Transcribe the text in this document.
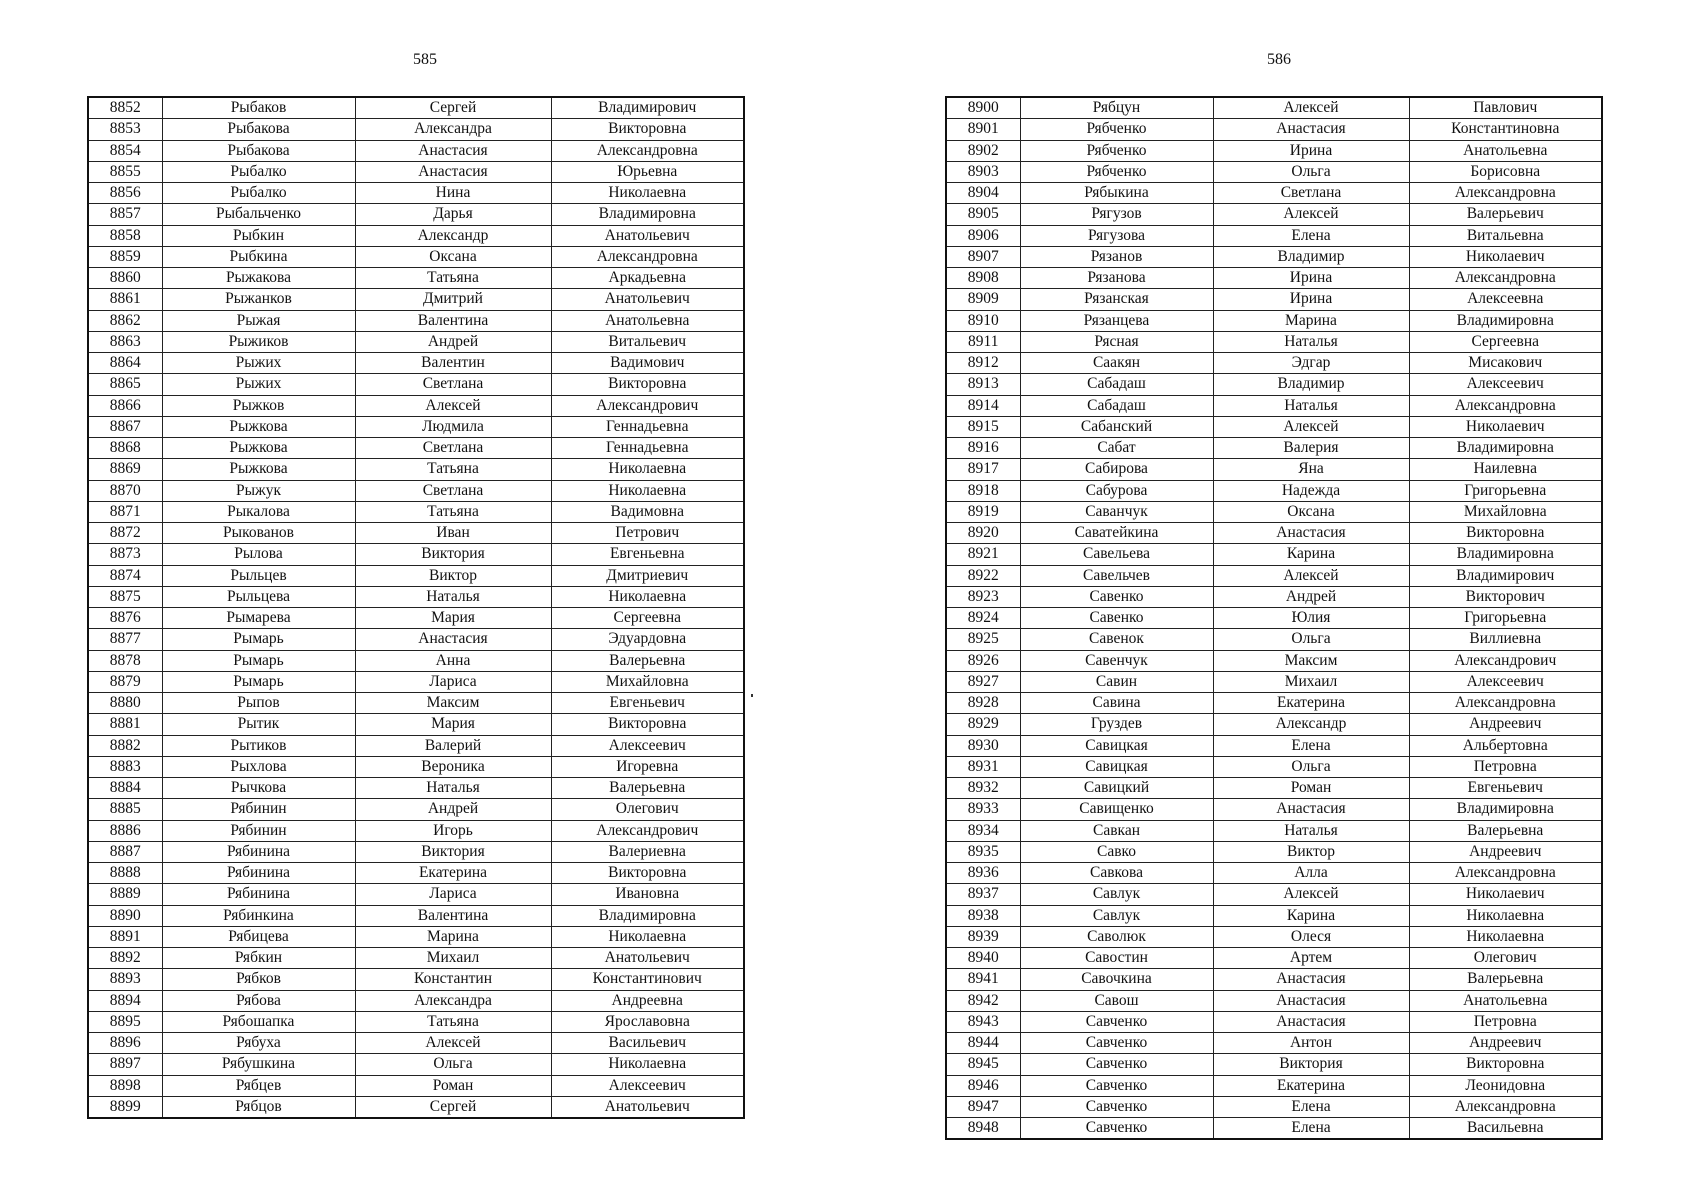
585
8852	Рыбаков	Сергей	Владимирович
8853	Рыбакова	Александра	Викторовна
8854	Рыбакова	Анастасия	Александровна
8855	Рыбалко	Анастасия	Юрьевна
8856	Рыбалко	Нина	Николаевна
8857	Рыбальченко	Дарья	Владимировна
8858	Рыбкин	Александр	Анатольевич
8859	Рыбкина	Оксана	Александровна
8860	Рыжакова	Татьяна	Аркадьевна
8861	Рыжанков	Дмитрий	Анатольевич
8862	Рыжая	Валентина	Анатольевна
8863	Рыжиков	Андрей	Витальевич
8864	Рыжих	Валентин	Вадимович
8865	Рыжих	Светлана	Викторовна
8866	Рыжков	Алексей	Александрович
8867	Рыжкова	Людмила	Геннадьевна
8868	Рыжкова	Светлана	Геннадьевна
8869	Рыжкова	Татьяна	Николаевна
8870	Рыжук	Светлана	Николаевна
8871	Рыкалова	Татьяна	Вадимовна
8872	Рыкованов	Иван	Петрович
8873	Рылова	Виктория	Евгеньевна
8874	Рыльцев	Виктор	Дмитриевич
8875	Рыльцева	Наталья	Николаевна
8876	Рымарева	Мария	Сергеевна
8877	Рымарь	Анастасия	Эдуардовна
8878	Рымарь	Анна	Валерьевна
8879	Рымарь	Лариса	Михайловна
8880	Рыпов	Максим	Евгеньевич
8881	Рытик	Мария	Викторовна
8882	Рытиков	Валерий	Алексеевич
8883	Рыхлова	Вероника	Игоревна
8884	Рычкова	Наталья	Валерьевна
8885	Рябинин	Андрей	Олегович
8886	Рябинин	Игорь	Александрович
8887	Рябинина	Виктория	Валериевна
8888	Рябинина	Екатерина	Викторовна
8889	Рябинина	Лариса	Ивановна
8890	Рябинкина	Валентина	Владимировна
8891	Рябицева	Марина	Николаевна
8892	Рябкин	Михаил	Анатольевич
8893	Рябков	Константин	Константинович
8894	Рябова	Александра	Андреевна
8895	Рябошапка	Татьяна	Ярославовна
8896	Рябуха	Алексей	Васильевич
8897	Рябушкина	Ольга	Николаевна
8898	Рябцев	Роман	Алексеевич
8899	Рябцов	Сергей	Анатольевич
586
8900	Рябцун	Алексей	Павлович
8901	Рябченко	Анастасия	Константиновна
8902	Рябченко	Ирина	Анатольевна
8903	Рябченко	Ольга	Борисовна
8904	Рябыкина	Светлана	Александровна
8905	Рягузов	Алексей	Валерьевич
8906	Рягузова	Елена	Витальевна
8907	Рязанов	Владимир	Николаевич
8908	Рязанова	Ирина	Александровна
8909	Рязанская	Ирина	Алексеевна
8910	Рязанцева	Марина	Владимировна
8911	Рясная	Наталья	Сергеевна
8912	Саакян	Эдгар	Мисакович
8913	Сабадаш	Владимир	Алексеевич
8914	Сабадаш	Наталья	Александровна
8915	Сабанский	Алексей	Николаевич
8916	Сабат	Валерия	Владимировна
8917	Сабирова	Яна	Наилевна
8918	Сабурова	Надежда	Григорьевна
8919	Саванчук	Оксана	Михайловна
8920	Саватейкина	Анастасия	Викторовна
8921	Савельева	Карина	Владимировна
8922	Савельчев	Алексей	Владимирович
8923	Савенко	Андрей	Викторович
8924	Савенко	Юлия	Григорьевна
8925	Савенок	Ольга	Виллиевна
8926	Савенчук	Максим	Александрович
8927	Савин	Михаил	Алексеевич
8928	Савина	Екатерина	Александровна
8929	Груздев	Александр	Андреевич
8930	Савицкая	Елена	Альбертовна
8931	Савицкая	Ольга	Петровна
8932	Савицкий	Роман	Евгеньевич
8933	Савищенко	Анастасия	Владимировна
8934	Савкан	Наталья	Валерьевна
8935	Савко	Виктор	Андреевич
8936	Савкова	Алла	Александровна
8937	Савлук	Алексей	Николаевич
8938	Савлук	Карина	Николаевна
8939	Саволюк	Олеся	Николаевна
8940	Савостин	Артем	Олегович
8941	Савочкина	Анастасия	Валерьевна
8942	Савош	Анастасия	Анатольевна
8943	Савченко	Анастасия	Петровна
8944	Савченко	Антон	Андреевич
8945	Савченко	Виктория	Викторовна
8946	Савченко	Екатерина	Леонидовна
8947	Савченко	Елена	Александровна
8948	Савченко	Елена	Васильевна
